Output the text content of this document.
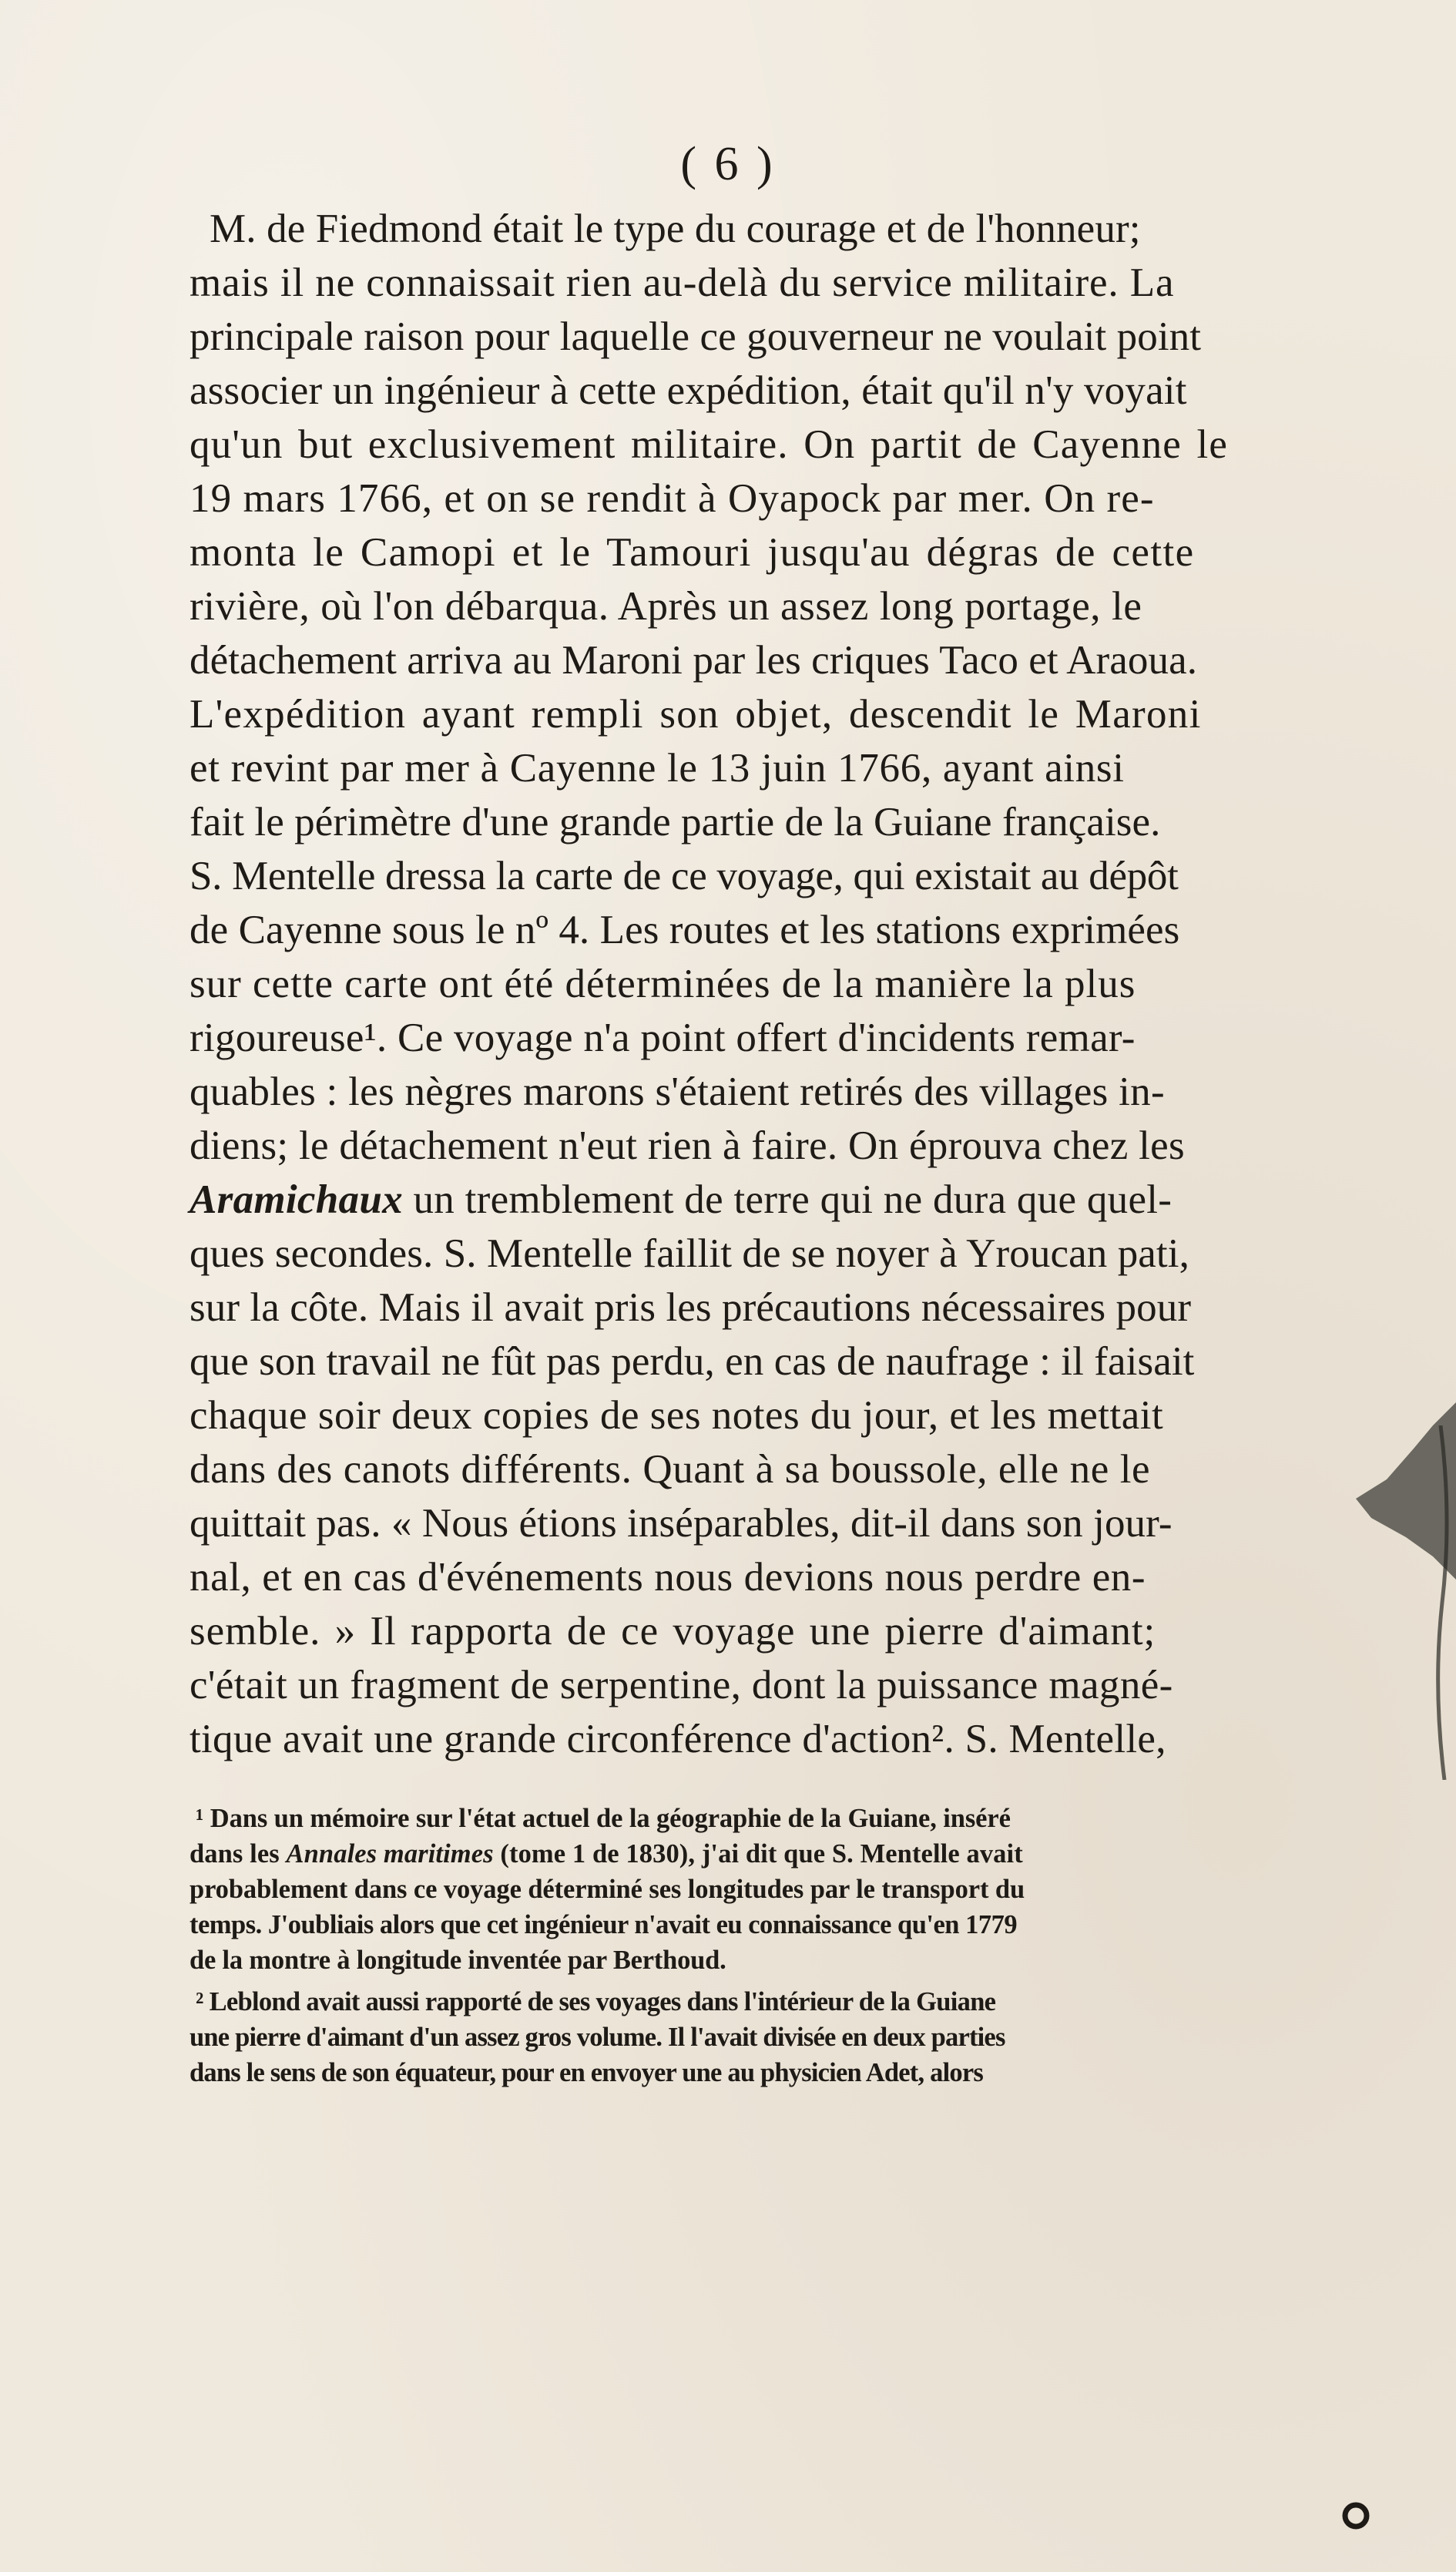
( 6 )
M. de Fiedmond était le type du courage et de l'honneur;
mais il ne connaissait rien au-delà du service militaire. La
principale raison pour laquelle ce gouverneur ne voulait point
associer un ingénieur à cette expédition, était qu'il n'y voyait
qu'un but exclusivement militaire. On partit de Cayenne le
19 mars 1766, et on se rendit à Oyapock par mer. On re-
monta le Camopi et le Tamouri jusqu'au dégras de cette
rivière, où l'on débarqua. Après un assez long portage, le
détachement arriva au Maroni par les criques Taco et Araoua.
L'expédition ayant rempli son objet, descendit le Maroni
et revint par mer à Cayenne le 13 juin 1766, ayant ainsi
fait le périmètre d'une grande partie de la Guiane française.
S. Mentelle dressa la carte de ce voyage, qui existait au dépôt
de Cayenne sous le nº 4. Les routes et les stations exprimées
sur cette carte ont été déterminées de la manière la plus
rigoureuse¹. Ce voyage n'a point offert d'incidents remar-
quables : les nègres marons s'étaient retirés des villages in-
diens; le détachement n'eut rien à faire. On éprouva chez les
Aramichaux un tremblement de terre qui ne dura que quel-
ques secondes. S. Mentelle faillit de se noyer à Yroucan pati,
sur la côte. Mais il avait pris les précautions nécessaires pour
que son travail ne fût pas perdu, en cas de naufrage : il faisait
chaque soir deux copies de ses notes du jour, et les mettait
dans des canots différents. Quant à sa boussole, elle ne le
quittait pas. « Nous étions inséparables, dit-il dans son jour-
nal, et en cas d'événements nous devions nous perdre en-
semble. » Il rapporta de ce voyage une pierre d'aimant;
c'était un fragment de serpentine, dont la puissance magné-
tique avait une grande circonférence d'action². S. Mentelle,
¹ Dans un mémoire sur l'état actuel de la géographie de la Guiane, inséré
dans les Annales maritimes (tome 1 de 1830), j'ai dit que S. Mentelle avait
probablement dans ce voyage déterminé ses longitudes par le transport du
temps. J'oubliais alors que cet ingénieur n'avait eu connaissance qu'en 1779
de la montre à longitude inventée par Berthoud.
² Leblond avait aussi rapporté de ses voyages dans l'intérieur de la Guiane
une pierre d'aimant d'un assez gros volume. Il l'avait divisée en deux parties
dans le sens de son équateur, pour en envoyer une au physicien Adet, alors
